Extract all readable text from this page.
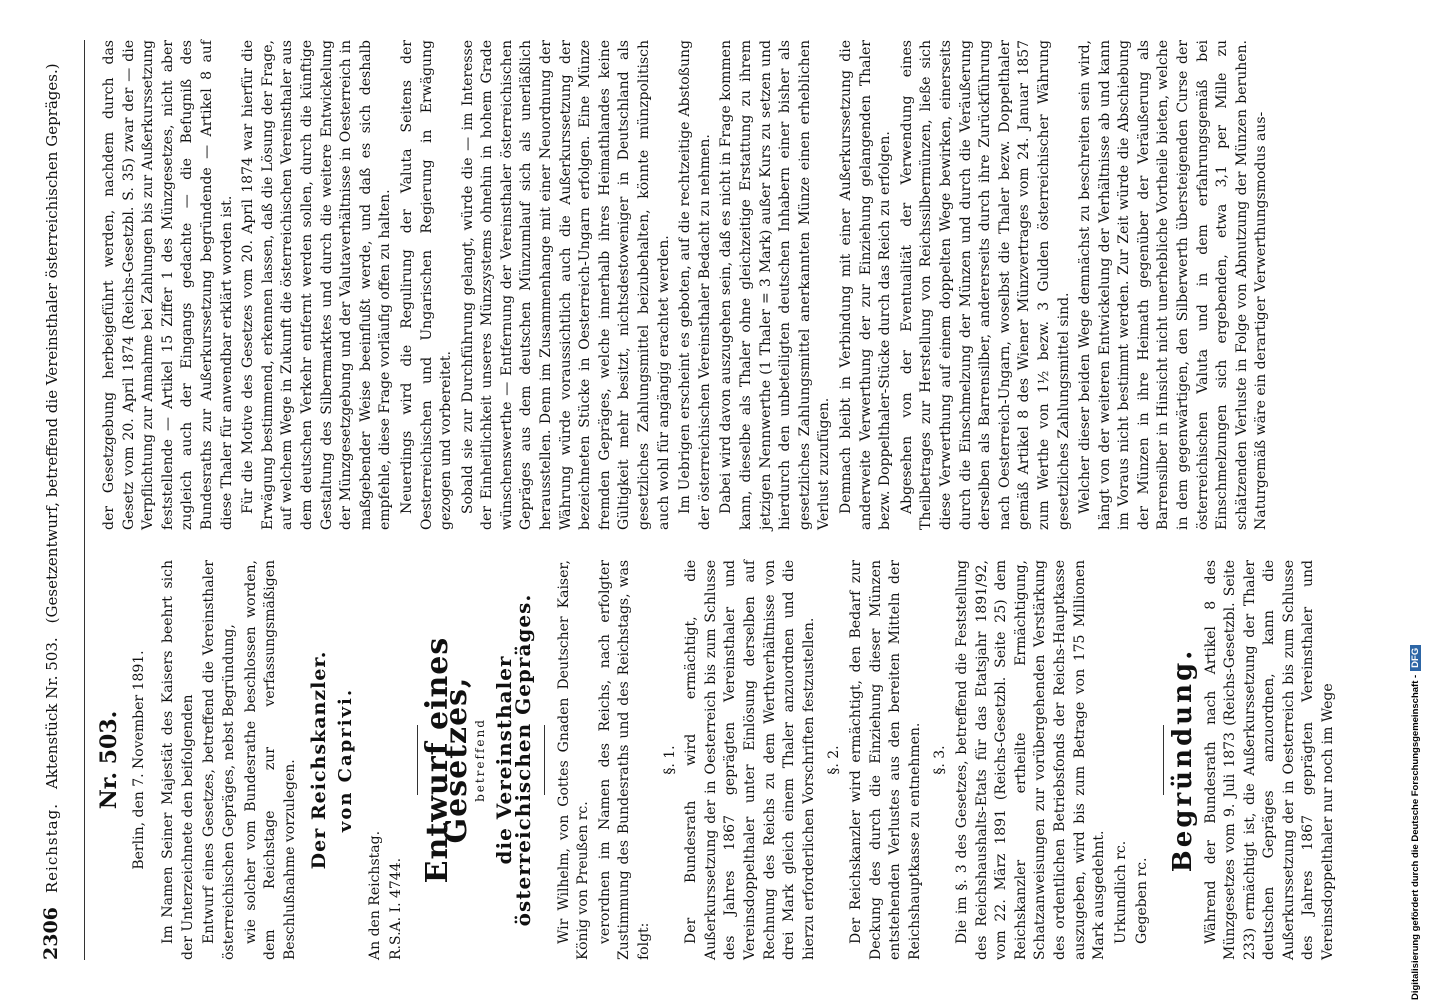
2306
Reichstag.
Aktenstück Nr. 503.
(Gesetzentwurf, betreffend die Vereinsthaler österreichischen Gepräges.)
Nr. 503. Berlin, den 7. November 1891. Im Namen Seiner Majestät des Kaisers beehrt sich der Unterzeichnete den beifolgenden Entwurf eines Gesetzes, betreffend die Vereinsthaler österreichischen Gepräges, nebst Begründung, wie solcher vom Bundesrathe beschlossen worden, dem Reichstage zur verfassungsmäßigen Beschlußnahme vorzulegen. Der Reichskanzler. von Caprivi.

An den Reichstag. R.S.A. I. 4744.

Entwurf eines Gesetzes,
betreffend die Vereinsthaler österreichischen Gepräges. Wir Wilhelm, von Gottes Gnaden Deutscher Kaiser, König von Preußen rc. verordnen im Namen des Reichs, nach erfolgter Zustimmung des Bundesraths und des Reichstags, was folgt:

§. 1. Der Bundesrath wird ermächtigt, die Außerkurssetzung der in Oesterreich bis zum Schlusse des Jahres 1867 geprägten Vereinsthaler und Vereinsdoppelthaler unter Einlösung derselben auf Rechnung des Reichs zu dem Werthverhältnisse von drei Mark gleich einem Thaler anzuordnen und die hierzu erforderlichen Vorschriften festzustellen. §. 2. Der Reichskanzler wird ermächtigt, den Bedarf zur Deckung des durch die Einziehung dieser Münzen entstehenden Verlustes aus den bereiten Mitteln der Reichshauptkasse zu entnehmen. §. 3. Die im §. 3 des Gesetzes, betreffend die Feststellung des Reichshaushalts-Etats für das Etatsjahr 1891/92, vom 22. März 1891 (Reichs-Gesetzbl. Seite 25) dem Reichskanzler ertheilte Ermächtigung, Schatzanweisungen zur vorübergehenden Verstärkung des ordentlichen Betriebsfonds der Reichs-Hauptkasse auszugeben, wird bis zum Betrage von 175 Millionen Mark ausgedehnt. Urkundlich rc. Gegeben rc.

Begründung. Während der Bundesrath nach Artikel 8 des Münzgesetzes vom 9. Juli 1873 (Reichs-Gesetzbl. Seite 233) ermächtigt ist, die Außerkurssetzung der Thaler deutschen Gepräges anzuordnen, kann die Außerkurssetzung der in Oesterreich bis zum Schlusse des Jahres 1867 geprägten Vereinsthaler und Vereinsdoppelthaler nur noch im Wege

der Gesetzgebung herbeigeführt werden, nachdem durch das Gesetz vom 20. April 1874 (Reichs-Gesetzbl. S. 35) zwar der — die Verpflichtung zur Annahme bei Zahlungen bis zur Außerkurssetzung feststellende — Artikel 15 Ziffer 1 des Münzgesetzes, nicht aber zugleich auch der Eingangs gedachte — die Befugniß des Bundesraths zur Außerkurssetzung begründende — Artikel 8 auf diese Thaler für anwendbar erklärt worden ist. Für die Motive des Gesetzes vom 20. April 1874 war hierfür die Erwägung bestimmend, erkennen lassen, daß die Lösung der Frage, auf welchem Wege in Zukunft die österreichischen Vereinsthaler aus dem deutschen Verkehr entfernt werden sollen, durch die künftige Gestaltung des Silbermarktes und durch die weitere Entwickelung der Münzgesetzgebung und der Valutaverhältnisse in Oesterreich in maßgebender Weise beeinflußt werde, und daß es sich deshalb empfehle, diese Frage vorläufig offen zu halten. Neuerdings wird die Regulirung der Valuta Seitens der Oesterreichischen und Ungarischen Regierung in Erwägung gezogen und vorbereitet. Sobald sie zur Durchführung gelangt, würde die — im Interesse der Einheitlichkeit unseres Münzsystems ohnehin in hohem Grade wünschenswerthe — Entfernung der Vereinsthaler österreichischen Gepräges aus dem deutschen Münzumlauf sich als unerläßlich herausstellen. Denn im Zusammenhange mit einer Neuordnung der Währung würde voraussichtlich auch die Außerkurssetzung der bezeichneten Stücke in Oesterreich-Ungarn erfolgen. Eine Münze fremden Gepräges, welche innerhalb ihres Heimathlandes keine Gültigkeit mehr besitzt, nichtsdestoweniger in Deutschland als gesetzliches Zahlungsmittel beizubehalten, könnte münzpolitisch auch wohl für angängig erachtet werden. Im Uebrigen erscheint es geboten, auf die rechtzeitige Abstoßung der österreichischen Vereinsthaler Bedacht zu nehmen. Dabei wird davon auszugehen sein, daß es nicht in Frage kommen kann, dieselbe als Thaler ohne gleichzeitige Erstattung zu ihrem jetzigen Nennwerthe (1 Thaler = 3 Mark) außer Kurs zu setzen und hierdurch den unbeteiligten deutschen Inhabern einer bisher als gesetzliches Zahlungsmittel anerkannten Münze einen erheblichen Verlust zuzufügen. Demnach bleibt in Verbindung mit einer Außerkurssetzung die anderweite Verwerthung der zur Einziehung gelangenden Thaler bezw. Doppelthaler-Stücke durch das Reich zu erfolgen. Abgesehen von der Eventualität der Verwendung eines Theilbetrages zur Herstellung von Reichssilbermünzen, ließe sich diese Verwerthung auf einem doppelten Wege bewirken, einerseits durch die Einschmelzung der Münzen und durch die Veräußerung derselben als Barrensilber, andererseits durch ihre Zurückführung nach Oesterreich-Ungarn, woselbst die Thaler bezw. Doppelthaler gemäß Artikel 8 des Wiener Münzvertrages vom 24. Januar 1857 zum Werthe von 1½ bezw. 3 Gulden österreichischer Währung gesetzliches Zahlungsmittel sind. Welcher dieser beiden Wege demnächst zu beschreiten sein wird, hängt von der weiteren Entwickelung der Verhältnisse ab und kann im Voraus nicht bestimmt werden. Zur Zeit würde die Abschiebung der Münzen in ihre Heimath gegenüber der Veräußerung als Barrensilber in Hinsicht nicht unerhebliche Vortheile bieten, welche in dem gegenwärtigen, den Silberwerth übersteigenden Curse der österreichischen Valuta und in dem erfahrungsgemäß bei Einschmelzungen sich ergebenden, etwa 3,1 per Mille zu schätzenden Verluste in Folge von Abnutzung der Münzen beruhen. Naturgemäß wäre ein derartiger Verwerthungsmodus aus-

Digitalisierung gefördert durch die Deutsche Forschungsgemeinschaft -DFG
